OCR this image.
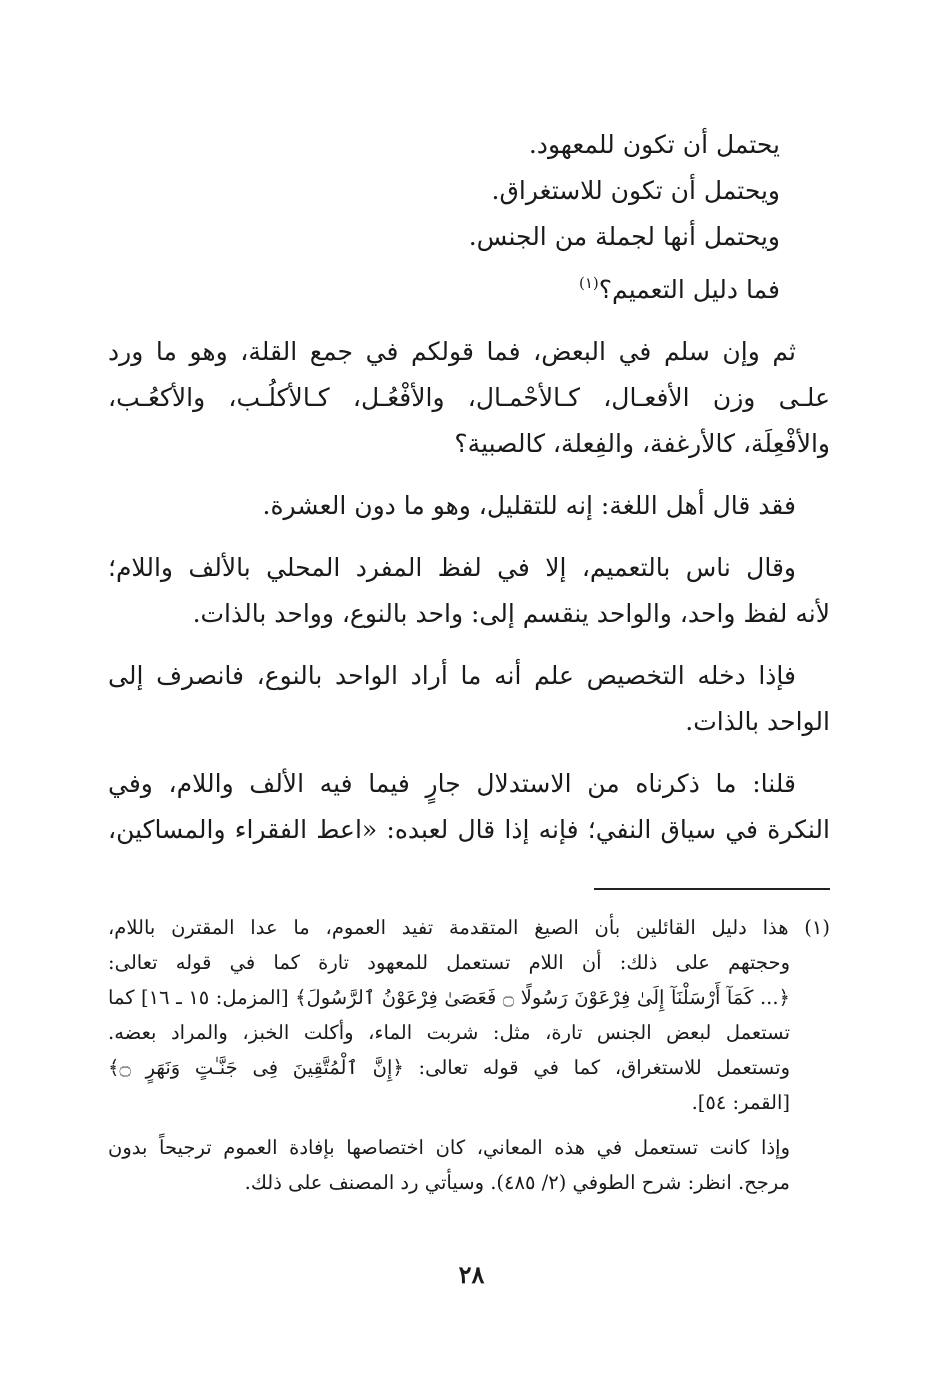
يحتمل أن تكون للمعهود.
ويحتمل أن تكون للاستغراق.
ويحتمل أنها لجملة من الجنس.
فما دليل التعميم؟$^{(١)}$
ثم وإن سلم في البعض، فما قولكم في جمع القلة، وهو ما ورد
علـى وزن الأفعـال، كـالأحْمـال، والأفْعُـل، كـالأكلُـب، والأكعُـب،
والأفْعِلَة، كالأرغفة، والفِعلة، كالصبية؟
فقد قال أهل اللغة: إنه للتقليل، وهو ما دون العشرة.
وقال ناس بالتعميم، إلا في لفظ المفرد المحلي بالألف واللام؛
لأنه لفظ واحد، والواحد ينقسم إلى: واحد بالنوع، وواحد بالذات.
فإذا دخله التخصيص علم أنه ما أراد الواحد بالنوع، فانصرف إلى
الواحد بالذات.
قلنا: ما ذكرناه من الاستدلال جارٍ فيما فيه الألف واللام، وفي
النكرة في سياق النفي؛ فإنه إذا قال لعبده: «اعط الفقراء والمساكين،
(١) هذا دليل القائلين بأن الصيغ المتقدمة تفيد العموم، ما عدا المقترن باللام،
وحجتهم على ذلك: أن اللام تستعمل للمعهود تارة كما في قوله تعالى:
﴿... كَمَآ أَرْسَلْنَآ إِلَىٰ فِرْعَوْنَ رَسُولًا ۝ فَعَصَىٰ فِرْعَوْنُ ٱلرَّسُولَ﴾ [المزمل: ١٥ ـ ١٦] كما
تستعمل لبعض الجنس تارة، مثل: شربت الماء، وأكلت الخبز، والمراد بعضه.
وتستعمل للاستغراق، كما في قوله تعالى: ﴿إِنَّ ٱلْمُتَّقِينَ فِى جَنَّـٰتٍ وَنَهَرٍ ۝﴾
[القمر: ٥٤].
وإذا كانت تستعمل في هذه المعاني، كان اختصاصها بإفادة العموم ترجيحاً بدون
مرجح. انظر: شرح الطوفي (٢/ ٤٨٥). وسيأتي رد المصنف على ذلك.
٢٨
